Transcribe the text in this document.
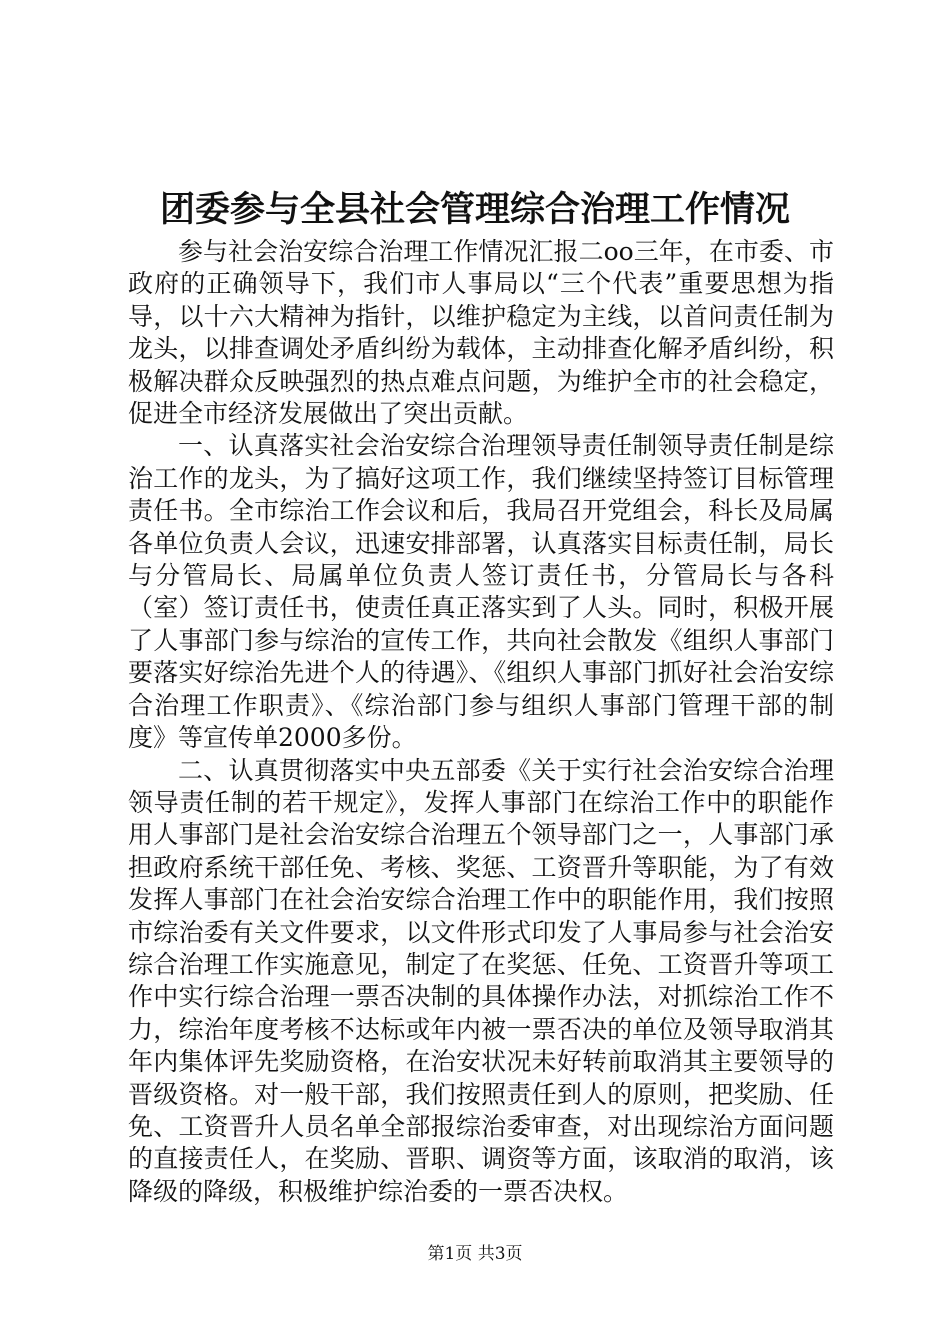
团委参与全县社会管理综合治理工作情况

参与社会治安综合治理工作情况汇报二oo三年，在市委、市政府的正确领导下，我们市人事局以“三个代表”重要思想为指导，以十六大精神为指针，以维护稳定为主线，以首问责任制为龙头，以排查调处矛盾纠纷为载体，主动排查化解矛盾纠纷，积极解决群众反映强烈的热点难点问题，为维护全市的社会稳定，促进全市经济发展做出了突出贡献。

一、认真落实社会治安综合治理领导责任制领导责任制是综治工作的龙头，为了搞好这项工作，我们继续坚持签订目标管理责任书。全市综治工作会议和后，我局召开党组会，科长及局属各单位负责人会议，迅速安排部署，认真落实目标责任制，局长与分管局长、局属单位负责人签订责任书，分管局长与各科（室）签订责任书，使责任真正落实到了人头。同时，积极开展了人事部门参与综治的宣传工作，共向社会散发《组织人事部门要落实好综治先进个人的待遇》、《组织人事部门抓好社会治安综合治理工作职责》、《综治部门参与组织人事部门管理干部的制度》等宣传单2000多份。

二、认真贯彻落实中央五部委《关于实行社会治安综合治理领导责任制的若干规定》，发挥人事部门在综治工作中的职能作用人事部门是社会治安综合治理五个领导部门之一，人事部门承担政府系统干部任免、考核、奖惩、工资晋升等职能，为了有效发挥人事部门在社会治安综合治理工作中的职能作用，我们按照市综治委有关文件要求，以文件形式印发了人事局参与社会治安综合治理工作实施意见，制定了在奖惩、任免、工资晋升等项工作中实行综合治理一票否决制的具体操作办法，对抓综治工作不力，综治年度考核不达标或年内被一票否决的单位及领导取消其年内集体评先奖励资格，在治安状况未好转前取消其主要领导的晋级资格。对一般干部，我们按照责任到人的原则，把奖励、任免、工资晋升人员名单全部报综治委审查，对出现综治方面问题的直接责任人，在奖励、晋职、调资等方面，该取消的取消，该降级的降级，积极维护综治委的一票否决权。

第1页 共3页
